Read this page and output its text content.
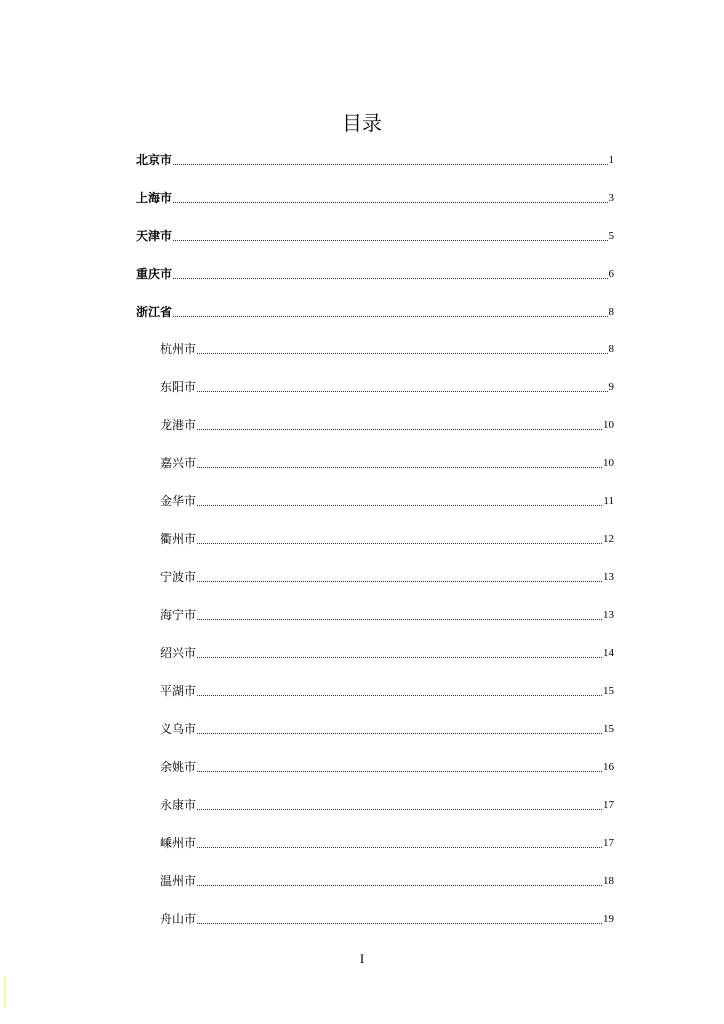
目录
北京市	1
上海市	3
天津市	5
重庆市	6
浙江省	8
杭州市	8
东阳市	9
龙港市	10
嘉兴市	10
金华市	11
衢州市	12
宁波市	13
海宁市	13
绍兴市	14
平湖市	15
义乌市	15
余姚市	16
永康市	17
嵊州市	17
温州市	18
舟山市	19
I
